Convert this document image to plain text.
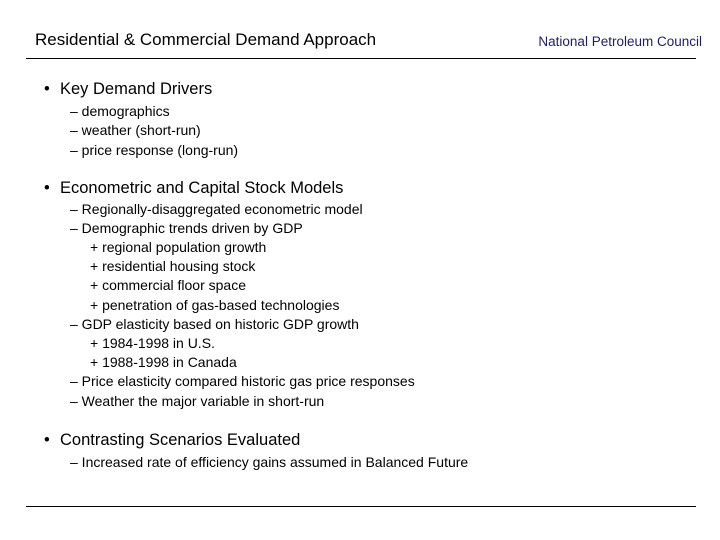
Residential & Commercial Demand Approach	National Petroleum Council
• Key Demand Drivers
– demographics
– weather (short-run)
– price response (long-run)
• Econometric and Capital Stock Models
– Regionally-disaggregated econometric model
– Demographic trends driven by GDP
+ regional population growth
+ residential housing stock
+ commercial floor space
+ penetration of gas-based technologies
– GDP elasticity based on historic GDP growth
+ 1984-1998 in U.S.
+ 1988-1998 in Canada
– Price elasticity compared historic gas price responses
– Weather the major variable in short-run
• Contrasting Scenarios Evaluated
– Increased rate of efficiency gains assumed in Balanced Future
